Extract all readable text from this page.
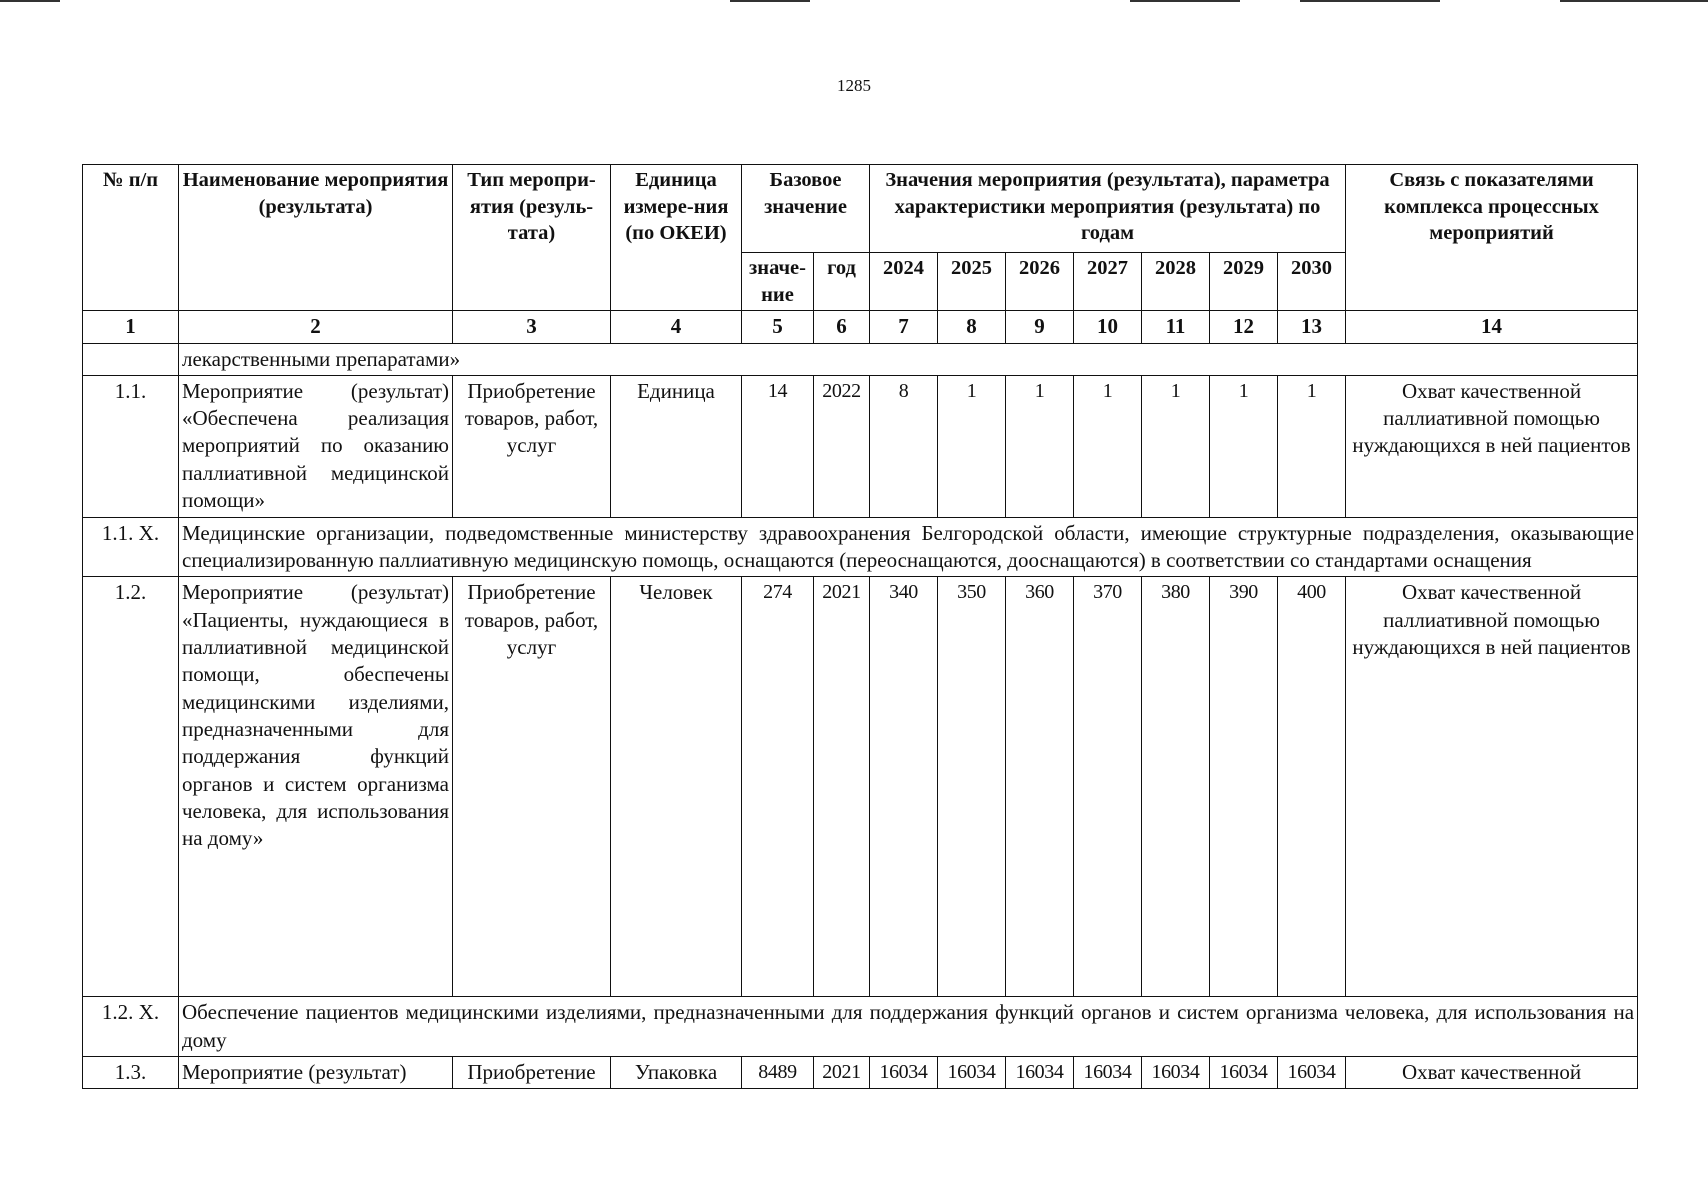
1285
№ п/п	Наименование мероприятия (результата)	Тип меропри-ятия (резуль-тата)	Единица измере-ния (по ОКЕИ)	Базовое значение		Значения мероприятия (результата), параметра характеристики мероприятия (результата) по годам							Связь с показателями комплекса процессных мероприятий
				значе-ние	год	2024	2025	2026	2027	2028	2029	2030	
1	2	3	4	5	6	7	8	9	10	11	12	13	14
	лекарственными препаратами»												
1.1.	Мероприятие (результат) «Обеспечена реализация мероприятий по оказанию паллиативной медицинской помощи»	Приобретение товаров, работ, услуг	Единица	14	2022	8	1	1	1	1	1	1	Охват качественной паллиативной помощью нуждающихся в ней пациентов
1.1. Х.	Медицинские организации, подведомственные министерству здравоохранения Белгородской области, имеющие структурные подразделения, оказывающие специализированную паллиативную медицинскую помощь, оснащаются (переоснащаются, дооснащаются) в соответствии со стандартами оснащения												
1.2.	Мероприятие (результат) «Пациенты, нуждающиеся в паллиативной медицинской помощи, обеспечены медицинскими изделиями, предназначенными для поддержания функций органов и систем организма человека, для использования на дому»	Приобретение товаров, работ, услуг	Человек	274	2021	340	350	360	370	380	390	400	Охват качественной паллиативной помощью нуждающихся в ней пациентов
1.2. Х.	Обеспечение пациентов медицинскими изделиями, предназначенными для поддержания функций органов и систем организма человека, для использования на дому												
1.3.	Мероприятие (результат)	Приобретение	Упаковка	8489	2021	16034	16034	16034	16034	16034	16034	16034	Охват качественной
